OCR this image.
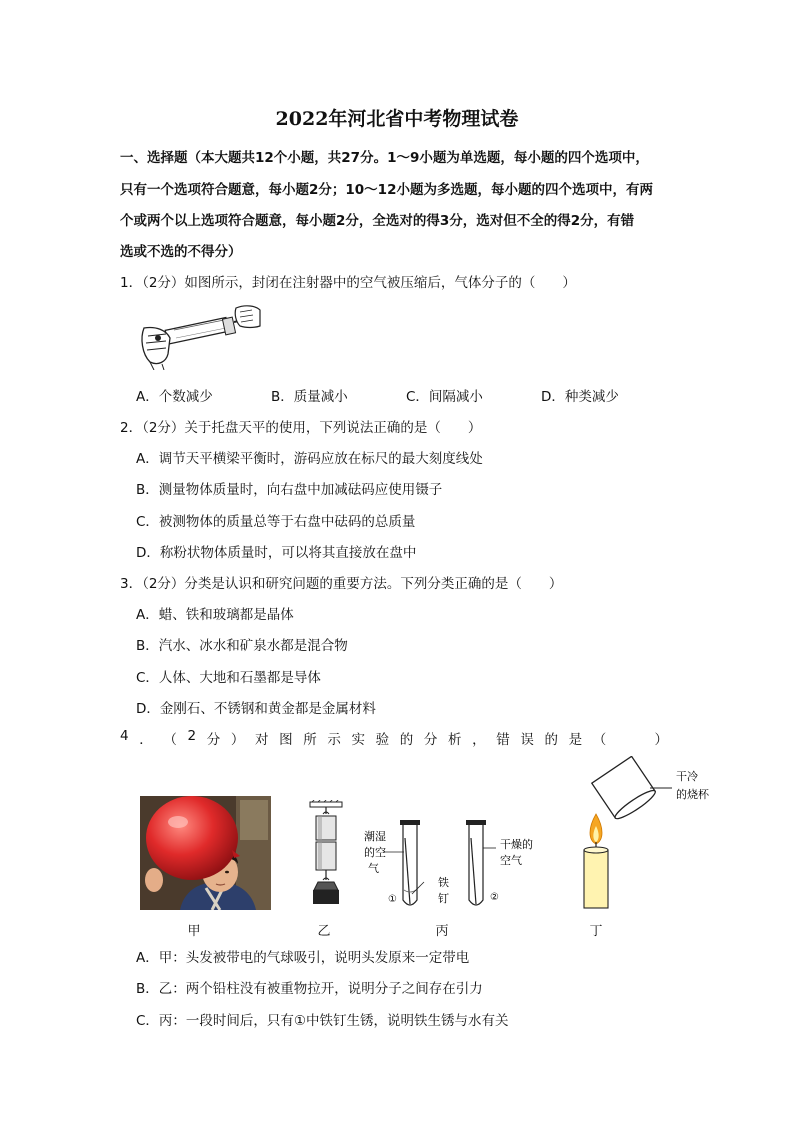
2022年河北省中考物理试卷
一、选择题（本大题共12个小题，共27分。1～9小题为单选题，每小题的四个选项中，
只有一个选项符合题意，每小题2分；10～12小题为多选题，每小题的四个选项中，有两
个或两个以上选项符合题意，每小题2分，全选对的得3分，选对但不全的得2分，有错
选或不选的不得分）
1．（2分）如图所示，封闭在注射器中的空气被压缩后，气体分子的（　　）
A．个数减少	B．质量减小	C．间隔减小	D．种类减少
2．（2分）关于托盘天平的使用，下列说法正确的是（　　）
A．调节天平横梁平衡时，游码应放在标尺的最大刻度线处
B．测量物体质量时，向右盘中加减砝码应使用镊子
C．被测物体的质量总等于右盘中砝码的总质量
D．称粉状物体质量时，可以将其直接放在盘中
3．（2分）分类是认识和研究问题的重要方法。下列分类正确的是（　　）
A．蜡、铁和玻璃都是晶体
B．汽水、冰水和矿泉水都是混合物
C．人体、大地和石墨都是导体
D．金刚石、不锈钢和黄金都是金属材料
4 ． （ 2 分 ） 对 图 所 示 实 验 的 分 析 ， 错 误 的 是 （
　　	）
潮湿
的空
气
铁
钉
①
干燥的
空气
②
干冷
的烧杯
甲	乙	丙	丁
A．甲：头发被带电的气球吸引，说明头发原来一定带电
B．乙：两个铅柱没有被重物拉开，说明分子之间存在引力
C．丙：一段时间后，只有①中铁钉生锈，说明铁生锈与水有关
